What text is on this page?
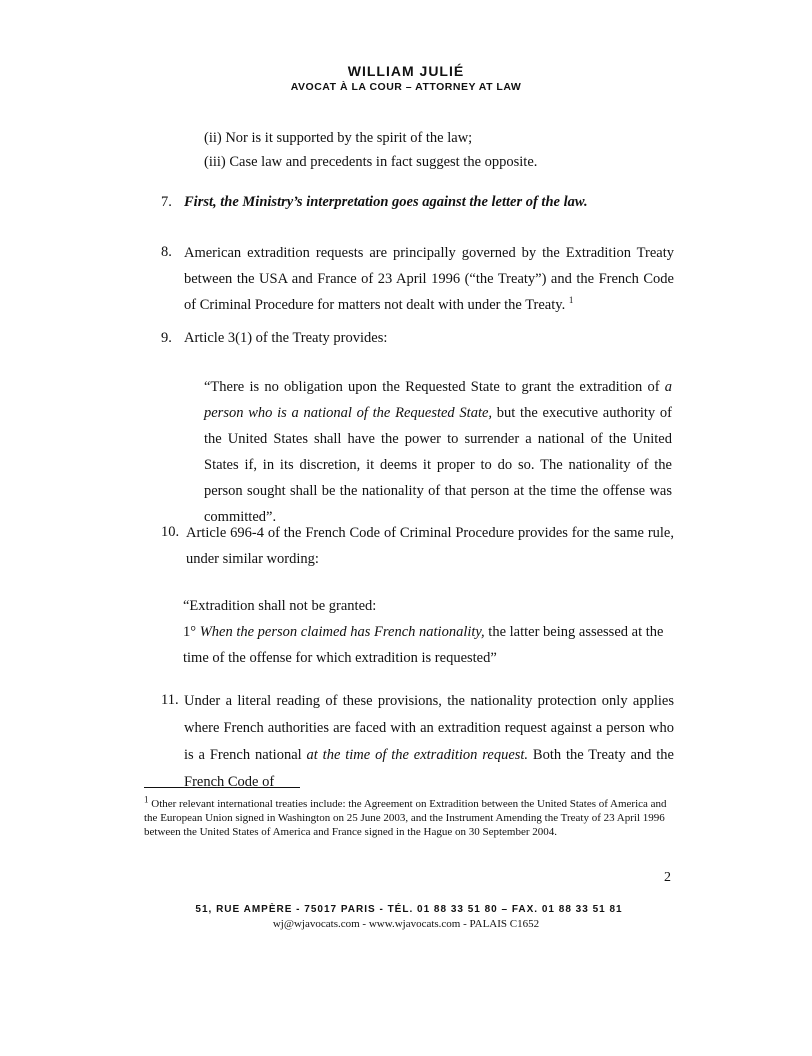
WILLIAM JULIÉ
AVOCAT À LA COUR – ATTORNEY AT LAW
(ii) Nor is it supported by the spirit of the law;
(iii) Case law and precedents in fact suggest the opposite.
7. First, the Ministry’s interpretation goes against the letter of the law.
8. American extradition requests are principally governed by the Extradition Treaty between the USA and France of 23 April 1996 (“the Treaty”) and the French Code of Criminal Procedure for matters not dealt with under the Treaty. $^1$
9. Article 3(1) of the Treaty provides:
“There is no obligation upon the Requested State to grant the extradition of a person who is a national of the Requested State, but the executive authority of the United States shall have the power to surrender a national of the United States if, in its discretion, it deems it proper to do so. The nationality of the person sought shall be the nationality of that person at the time the offense was committed”.
10. Article 696-4 of the French Code of Criminal Procedure provides for the same rule, under similar wording:
“Extradition shall not be granted:
1° When the person claimed has French nationality, the latter being assessed at the time of the offense for which extradition is requested”
11. Under a literal reading of these provisions, the nationality protection only applies where French authorities are faced with an extradition request against a person who is a French national at the time of the extradition request. Both the Treaty and the French Code of
$^1$ Other relevant international treaties include: the Agreement on Extradition between the United States of America and the European Union signed in Washington on 25 June 2003, and the Instrument Amending the Treaty of 23 April 1996 between the United States of America and France signed in the Hague on 30 September 2004.
2
51, RUE AMPÈRE - 75017 PARIS - TÉL. 01 88 33 51 80 – FAX. 01 88 33 51 81
wj@wjavocats.com - www.wjavocats.com - PALAIS C1652
